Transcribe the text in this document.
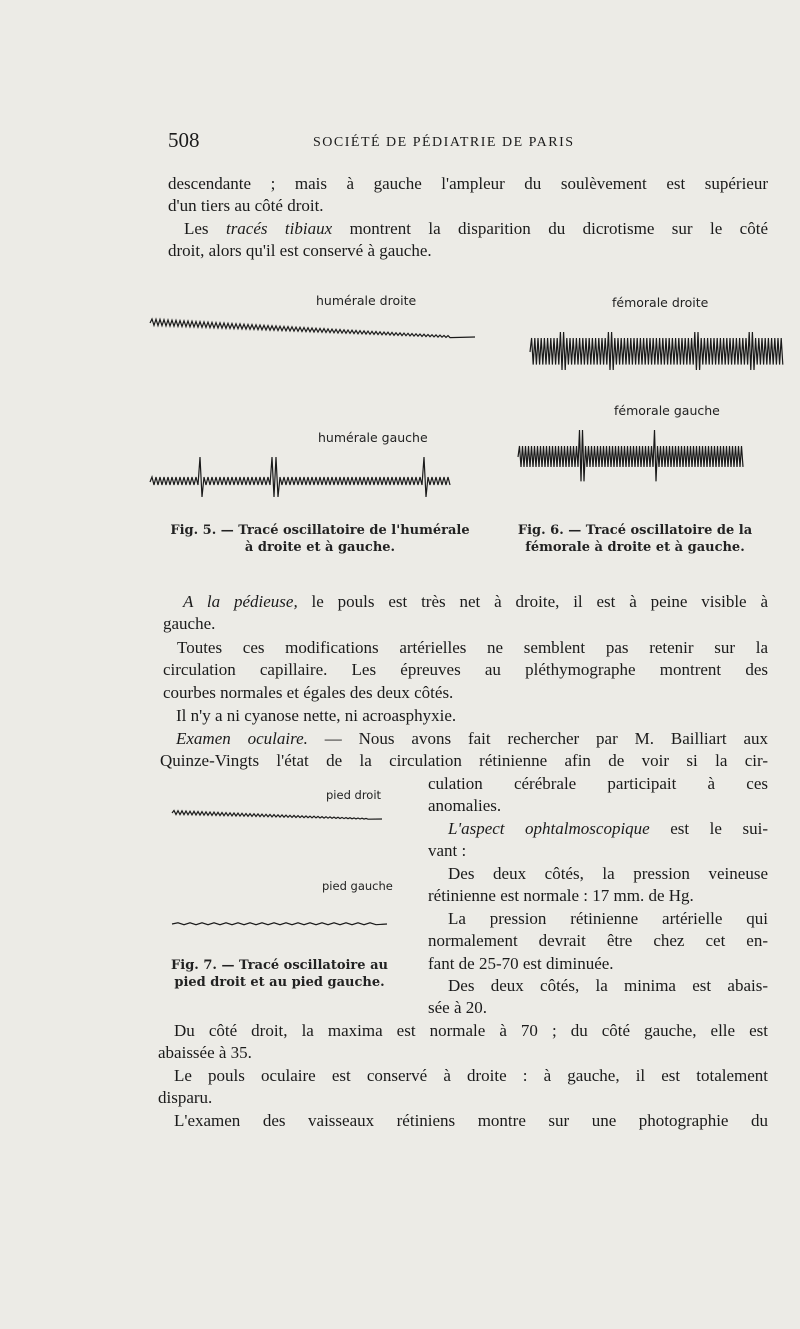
508	SOCIÉTÉ DE PÉDIATRIE DE PARIS
descendante ; mais à gauche l'ampleur du soulèvement est supérieur
d'un tiers au côté droit.
Les tracés tibiaux montrent la disparition du dicrotisme sur le côté
droit, alors qu'il est conservé à gauche.
humérale droite
humérale gauche
Fig. 5. — Tracé oscillatoire de l'humérale
à droite et à gauche.
fémorale droite
fémorale gauche
Fig. 6. — Tracé oscillatoire de la
fémorale à droite et à gauche.
A la pédieuse, le pouls est très net à droite, il est à peine visible à
gauche.
Toutes ces modifications artérielles ne semblent pas retenir sur la
circulation capillaire. Les épreuves au pléthymographe montrent des
courbes normales et égales des deux côtés.
Il n'y a ni cyanose nette, ni acroasphyxie.
Examen oculaire. — Nous avons fait rechercher par M. Bailliart aux
Quinze-Vingts l'état de la circulation rétinienne afin de voir si la cir-
culation cérébrale participait à ces
anomalies.
L'aspect ophtalmoscopique est le sui-
vant :
Des deux côtés, la pression veineuse
rétinienne est normale : 17 mm. de Hg.
La pression rétinienne artérielle qui
normalement devrait être chez cet en-
fant de 25-70 est diminuée.
Des deux côtés, la minima est abais-
sée à 20.
pied droit
pied gauche
Fig. 7. — Tracé oscillatoire au
pied droit et au pied gauche.
Du côté droit, la maxima est normale à 70 ; du côté gauche, elle est
abaissée à 35.
Le pouls oculaire est conservé à droite : à gauche, il est totalement
disparu.
L'examen des vaisseaux rétiniens montre sur une photographie du
